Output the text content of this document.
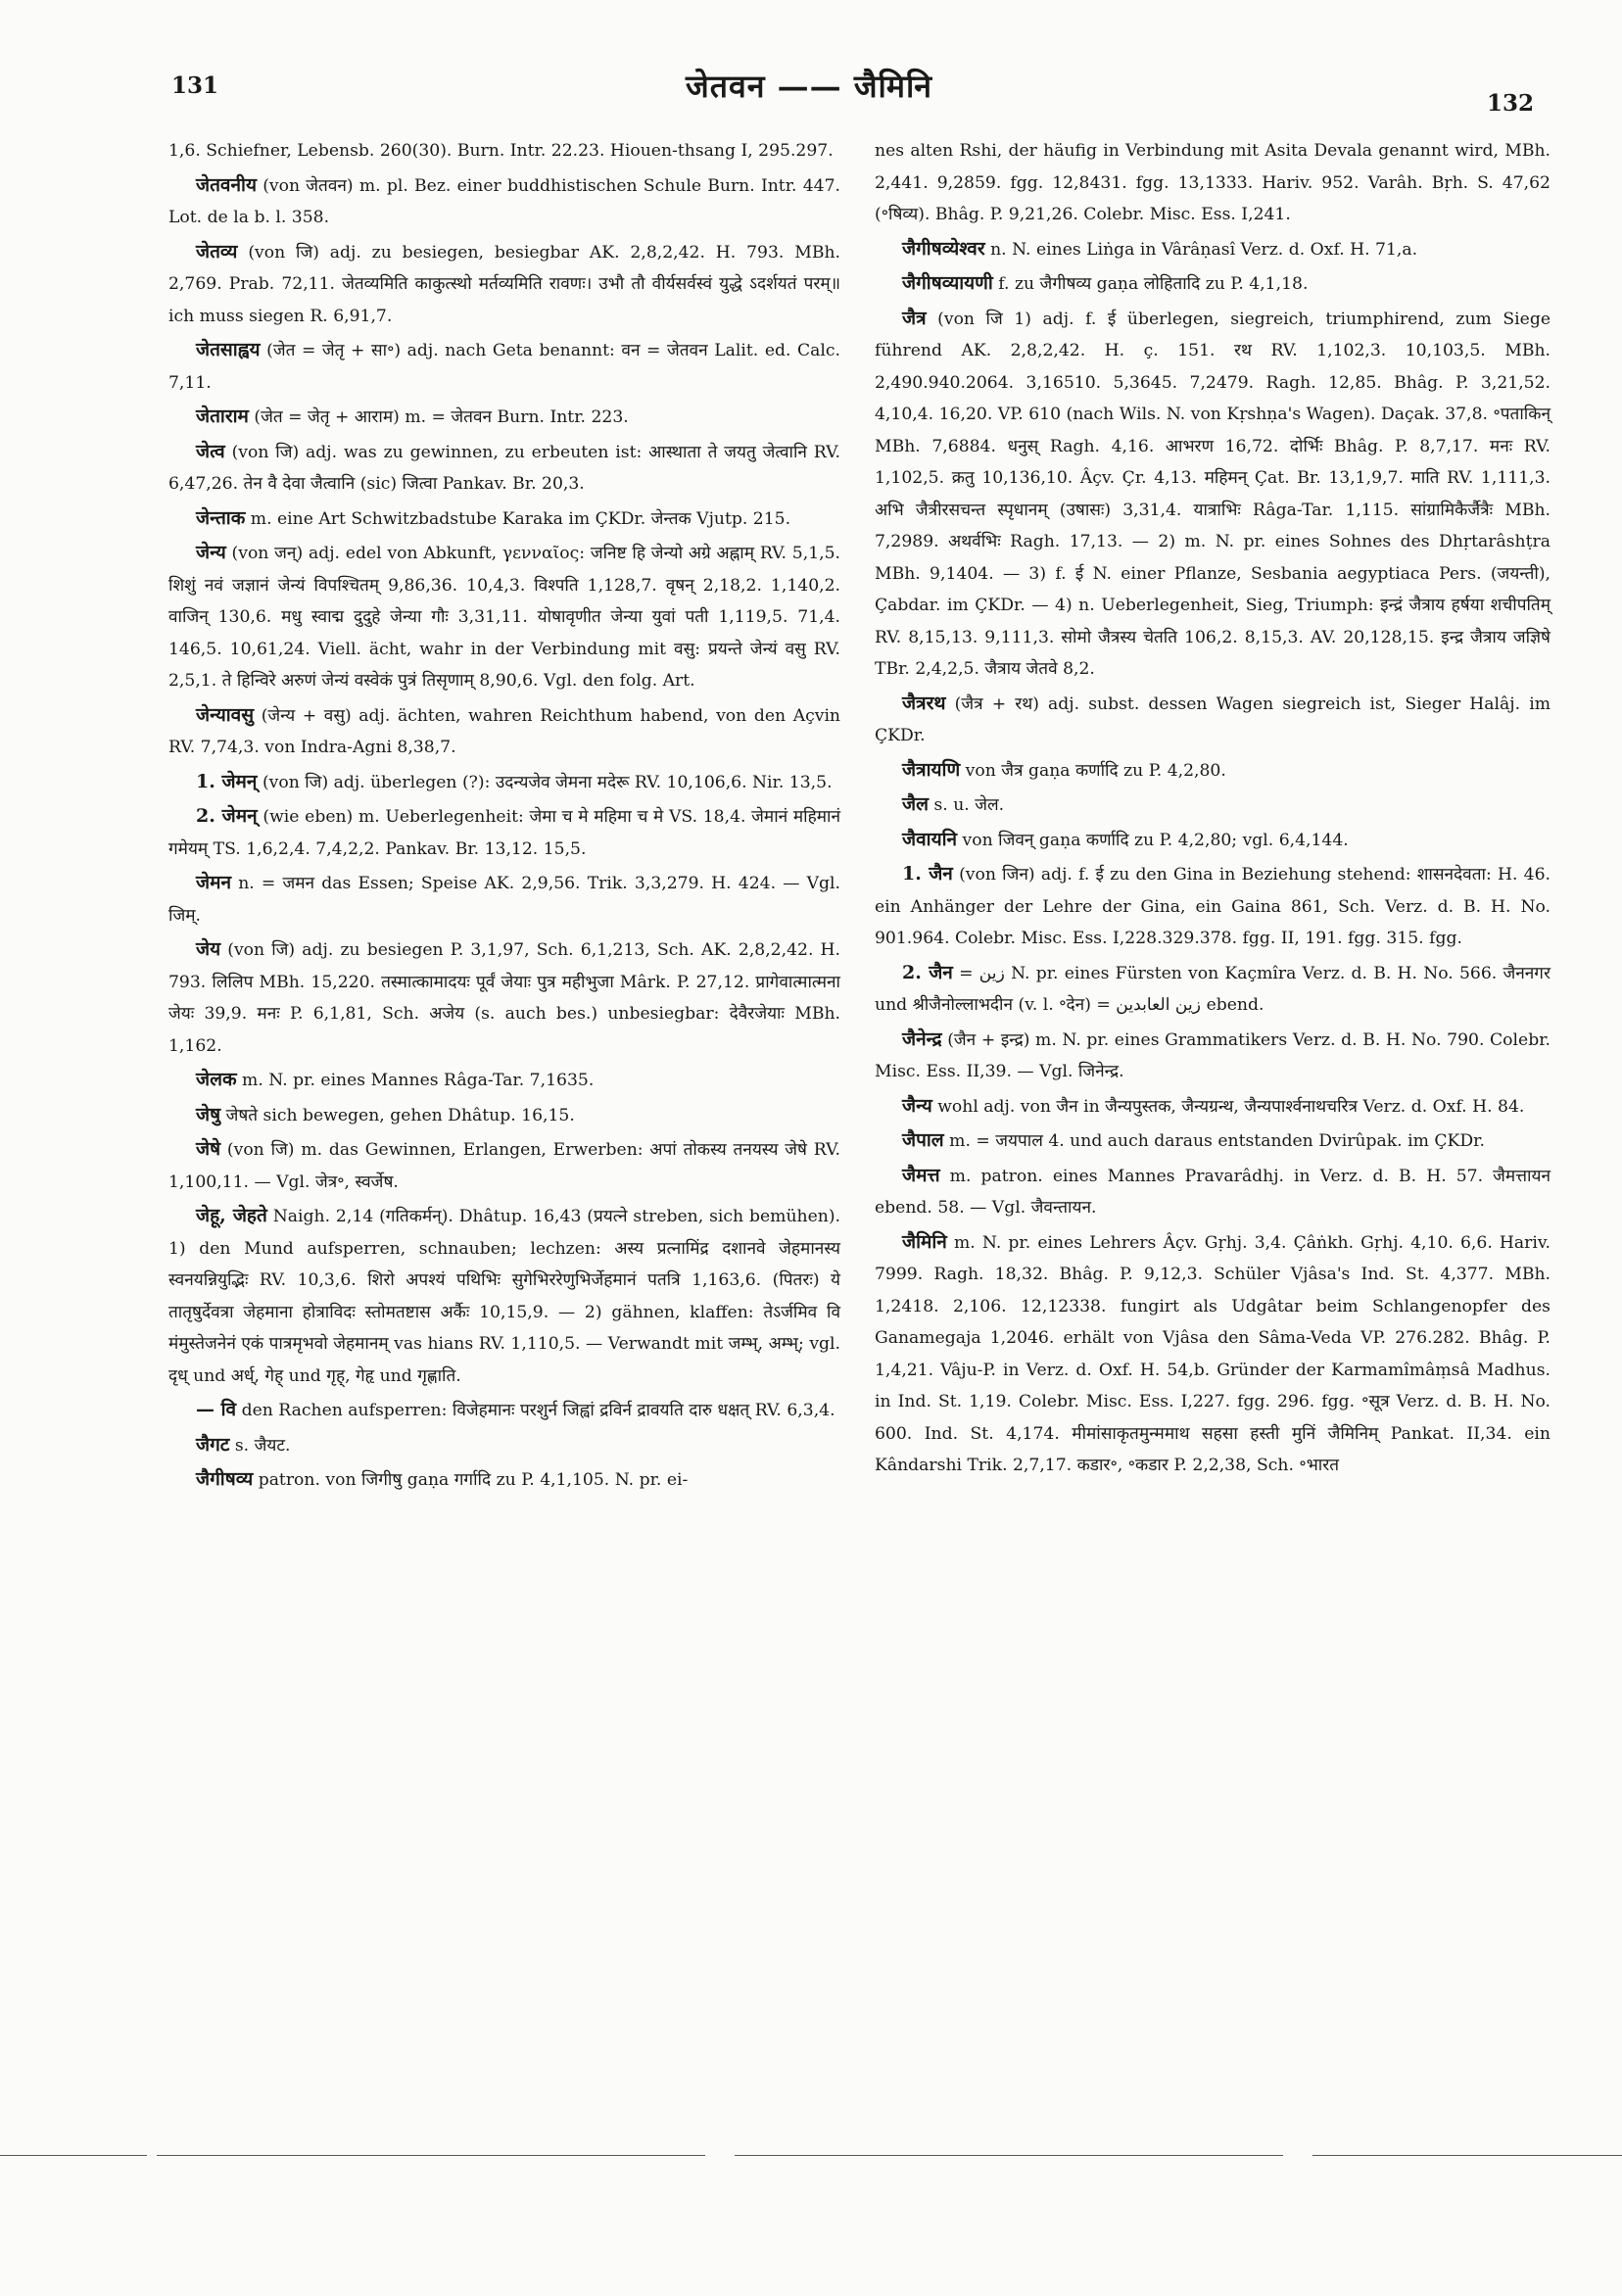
131	जेतवन —— जैमिनि	132

1,6. Schiefner, Lebensb. 260(30). Burn. Intr. 22.23. Hiouen-thsang I, 295.297.

जेतवनीय (von जेतवन) m. pl. Bez. einer buddhistischen Schule Burn. Intr. 447. Lot. de la b. l. 358.

जेतव्य (von जि) adj. zu besiegen, besiegbar AK. 2,8,2,42. H. 793. MBh. 2,769. Prab. 72,11. जेतव्यमिति काकुत्स्थो मर्तव्यमिति रावणः। उभौ तौ वीर्यसर्वस्वं युद्धे ऽदर्शयतं परम्॥ ich muss siegen R. 6,91,7.

जेतसाह्वय (जेत = जेतृ + सा॰) adj. nach Geta benannt: वन = जेतवन Lalit. ed. Calc. 7,11.

जेताराम (जेत = जेतृ + आराम) m. = जेतवन Burn. Intr. 223.

जेत्व (von जि) adj. was zu gewinnen, zu erbeuten ist: आस्थाता ते जयतु जेत्वानि RV. 6,47,26. तेन वै देवा जैत्वानि (sic) जित्वा Pankav. Br. 20,3.

जेन्ताक m. eine Art Schwitzbadstube Karaka im ÇKDr. जेन्तक Vjutp. 215.

जेन्य (von जन्) adj. edel von Abkunft, γενναῖος: जनिष्ट हि जेन्यो अग्रे अह्नाम् RV. 5,1,5. शिशुं नवं जज्ञानं जेन्यं विपश्चितम् 9,86,36. 10,4,3. विश्पति 1,128,7. वृषन् 2,18,2. 1,140,2. वाजिन् 130,6. मधु स्वाद्म दुदुहे जेन्या गौः 3,31,11. योषावृणीत जेन्या युवां पती 1,119,5. 71,4. 146,5. 10,61,24. Viell. ächt, wahr in der Verbindung mit वसु: प्रयन्ते जेन्यं वसु RV. 2,5,1. ते हिन्विरे अरुणं जेन्यं वस्वेकं पुत्रं तिसृणाम् 8,90,6. Vgl. den folg. Art.

जेन्यावसु (जेन्य + वसु) adj. ächten, wahren Reichthum habend, von den Açvin RV. 7,74,3. von Indra-Agni 8,38,7.

1. जेमन् (von जि) adj. überlegen (?): उदन्यजेव जेमना मदेरू RV. 10,106,6. Nir. 13,5.

2. जेमन् (wie eben) m. Ueberlegenheit: जेमा च मे महिमा च मे VS. 18,4. जेमानं महिमानं गमेयम् TS. 1,6,2,4. 7,4,2,2. Pankav. Br. 13,12. 15,5.

जेमन n. = जमन das Essen; Speise AK. 2,9,56. Trik. 3,3,279. H. 424. — Vgl. जिम्.

जेय (von जि) adj. zu besiegen P. 3,1,97, Sch. 6,1,213, Sch. AK. 2,8,2,42. H. 793. लिलिप MBh. 15,220. तस्मात्कामादयः पूर्वं जेयाः पुत्र महीभुजा Mârk. P. 27,12. प्रागेवात्मात्मना जेयः 39,9. मनः P. 6,1,81, Sch. अजेय (s. auch bes.) unbesiegbar: देवैरजेयाः MBh. 1,162.

जेलक m. N. pr. eines Mannes Râga-Tar. 7,1635.

जेषु जेषते sich bewegen, gehen Dhâtup. 16,15.

जेषे (von जि) m. das Gewinnen, Erlangen, Erwerben: अपां तोकस्य तनयस्य जेषे RV. 1,100,11. — Vgl. जेत्र॰, स्वर्जेष.

जेहू, जेहते Naigh. 2,14 (गतिकर्मन्). Dhâtup. 16,43 (प्रयत्ने streben, sich bemühen). 1) den Mund aufsperren, schnauben; lechzen: अस्य प्रत्नामिंद्र दशानवे जेहमानस्य स्वनयन्नियुद्भिः RV. 10,3,6. शिरो अपश्यं पथिभिः सुगेभिररेणुभिर्जेहमानं पतत्रि 1,163,6. (पितरः) ये तातृषुर्देवत्रा जेहमाना होत्राविदः स्तोमतष्टास अर्कैः 10,15,9. — 2) gähnen, klaffen: तेऽर्जमिव वि मंमुस्तेजनेनं एकं पात्रमृभवो जेहमानम् vas hians RV. 1,110,5. — Verwandt mit जम्भ्, अम्भ्; vgl. दृध् und अर्ध्, गेह् und गृह्, गेहृ und गृह्णाति.

— वि den Rachen aufsperren: विजेहमानः परशुर्न जिह्वां द्रविर्न द्रावयति दारु धक्षत् RV. 6,3,4.

जैगट s. जैयट.

जैगीषव्य patron. von जिगीषु gaṇa गर्गादि zu P. 4,1,105. N. pr. ei-

nes alten Rshi, der häufig in Verbindung mit Asita Devala genannt wird, MBh. 2,441. 9,2859. fgg. 12,8431. fgg. 13,1333. Hariv. 952. Varâh. Bṛh. S. 47,62 (॰षिव्य). Bhâg. P. 9,21,26. Colebr. Misc. Ess. I,241.

जैगीषव्येश्वर n. N. eines Liṅga in Vârâṇasî Verz. d. Oxf. H. 71,a.

जैगीषव्यायणी f. zu जैगीषव्य gaṇa लोहितादि zu P. 4,1,18.

जैत्र (von जि 1) adj. f. ई überlegen, siegreich, triumphirend, zum Siege führend AK. 2,8,2,42. H. ç. 151. रथ RV. 1,102,3. 10,103,5. MBh. 2,490.940.2064. 3,16510. 5,3645. 7,2479. Ragh. 12,85. Bhâg. P. 3,21,52. 4,10,4. 16,20. VP. 610 (nach Wils. N. von Kṛshṇa's Wagen). Daçak. 37,8. ॰पताकिन् MBh. 7,6884. धनुस् Ragh. 4,16. आभरण 16,72. दोर्भिः Bhâg. P. 8,7,17. मनः RV. 1,102,5. क्रतु 10,136,10. Âçv. Çr. 4,13. महिमन् Çat. Br. 13,1,9,7. माति RV. 1,111,3. अभि जैत्रीरसचन्त स्पृधानम् (उषासः) 3,31,4. यात्राभिः Râga-Tar. 1,115. सांग्रामिकैर्जैत्रैः MBh. 7,2989. अथर्वभिः Ragh. 17,13. — 2) m. N. pr. eines Sohnes des Dhṛtarâshṭra MBh. 9,1404. — 3) f. ई N. einer Pflanze, Sesbania aegyptiaca Pers. (जयन्ती), Çabdar. im ÇKDr. — 4) n. Ueberlegenheit, Sieg, Triumph: इन्द्रं जैत्राय हर्षया शचीपतिम् RV. 8,15,13. 9,111,3. सोमो जैत्रस्य चेतति 106,2. 8,15,3. AV. 20,128,15. इन्द्र जैत्राय जज्ञिषे TBr. 2,4,2,5. जैत्राय जेतवे 8,2.

जैत्ररथ (जैत्र + रथ) adj. subst. dessen Wagen siegreich ist, Sieger Halâj. im ÇKDr.

जैत्रायणि von जैत्र gaṇa कर्णादि zu P. 4,2,80.

जैल s. u. जेल.

जैवायनि von जिवन् gaṇa कर्णादि zu P. 4,2,80; vgl. 6,4,144.

1. जैन (von जिन) adj. f. ई zu den Gina in Beziehung stehend: शासनदेवता: H. 46. ein Anhänger der Lehre der Gina, ein Gaina 861, Sch. Verz. d. B. H. No. 901.964. Colebr. Misc. Ess. I,228.329.378. fgg. II, 191. fgg. 315. fgg.

2. जैन = زين N. pr. eines Fürsten von Kaçmîra Verz. d. B. H. No. 566. जैननगर und श्रीजैनोल्लाभदीन (v. l. ॰देन) = زين العابدين ebend.

जैनेन्द्र (जैन + इन्द्र) m. N. pr. eines Grammatikers Verz. d. B. H. No. 790. Colebr. Misc. Ess. II,39. — Vgl. जिनेन्द्र.

जैन्य wohl adj. von जैन in जैन्यपुस्तक, जैन्यग्रन्थ, जैन्यपार्श्वनाथचरित्र Verz. d. Oxf. H. 84.

जैपाल m. = जयपाल 4. und auch daraus entstanden Dvirûpak. im ÇKDr.

जैमत्त m. patron. eines Mannes Pravarâdhj. in Verz. d. B. H. 57. जैमत्तायन ebend. 58. — Vgl. जैवन्तायन.

जैमिनि m. N. pr. eines Lehrers Âçv. Gṛhj. 3,4. Çâṅkh. Gṛhj. 4,10. 6,6. Hariv. 7999. Ragh. 18,32. Bhâg. P. 9,12,3. Schüler Vjâsa's Ind. St. 4,377. MBh. 1,2418. 2,106. 12,12338. fungirt als Udgâtar beim Schlangenopfer des Ganamegaja 1,2046. erhält von Vjâsa den Sâma-Veda VP. 276.282. Bhâg. P. 1,4,21. Vâju-P. in Verz. d. Oxf. H. 54,b. Gründer der Karmamîmâṃsâ Madhus. in Ind. St. 1,19. Colebr. Misc. Ess. I,227. fgg. 296. fgg. ॰सूत्र Verz. d. B. H. No. 600. Ind. St. 4,174. मीमांसाकृतमुन्ममाथ सहसा हस्ती मुनिं जैमिनिम् Pankat. II,34. ein Kândarshi Trik. 2,7,17. कडार॰, ॰कडार P. 2,2,38, Sch. ॰भारत
